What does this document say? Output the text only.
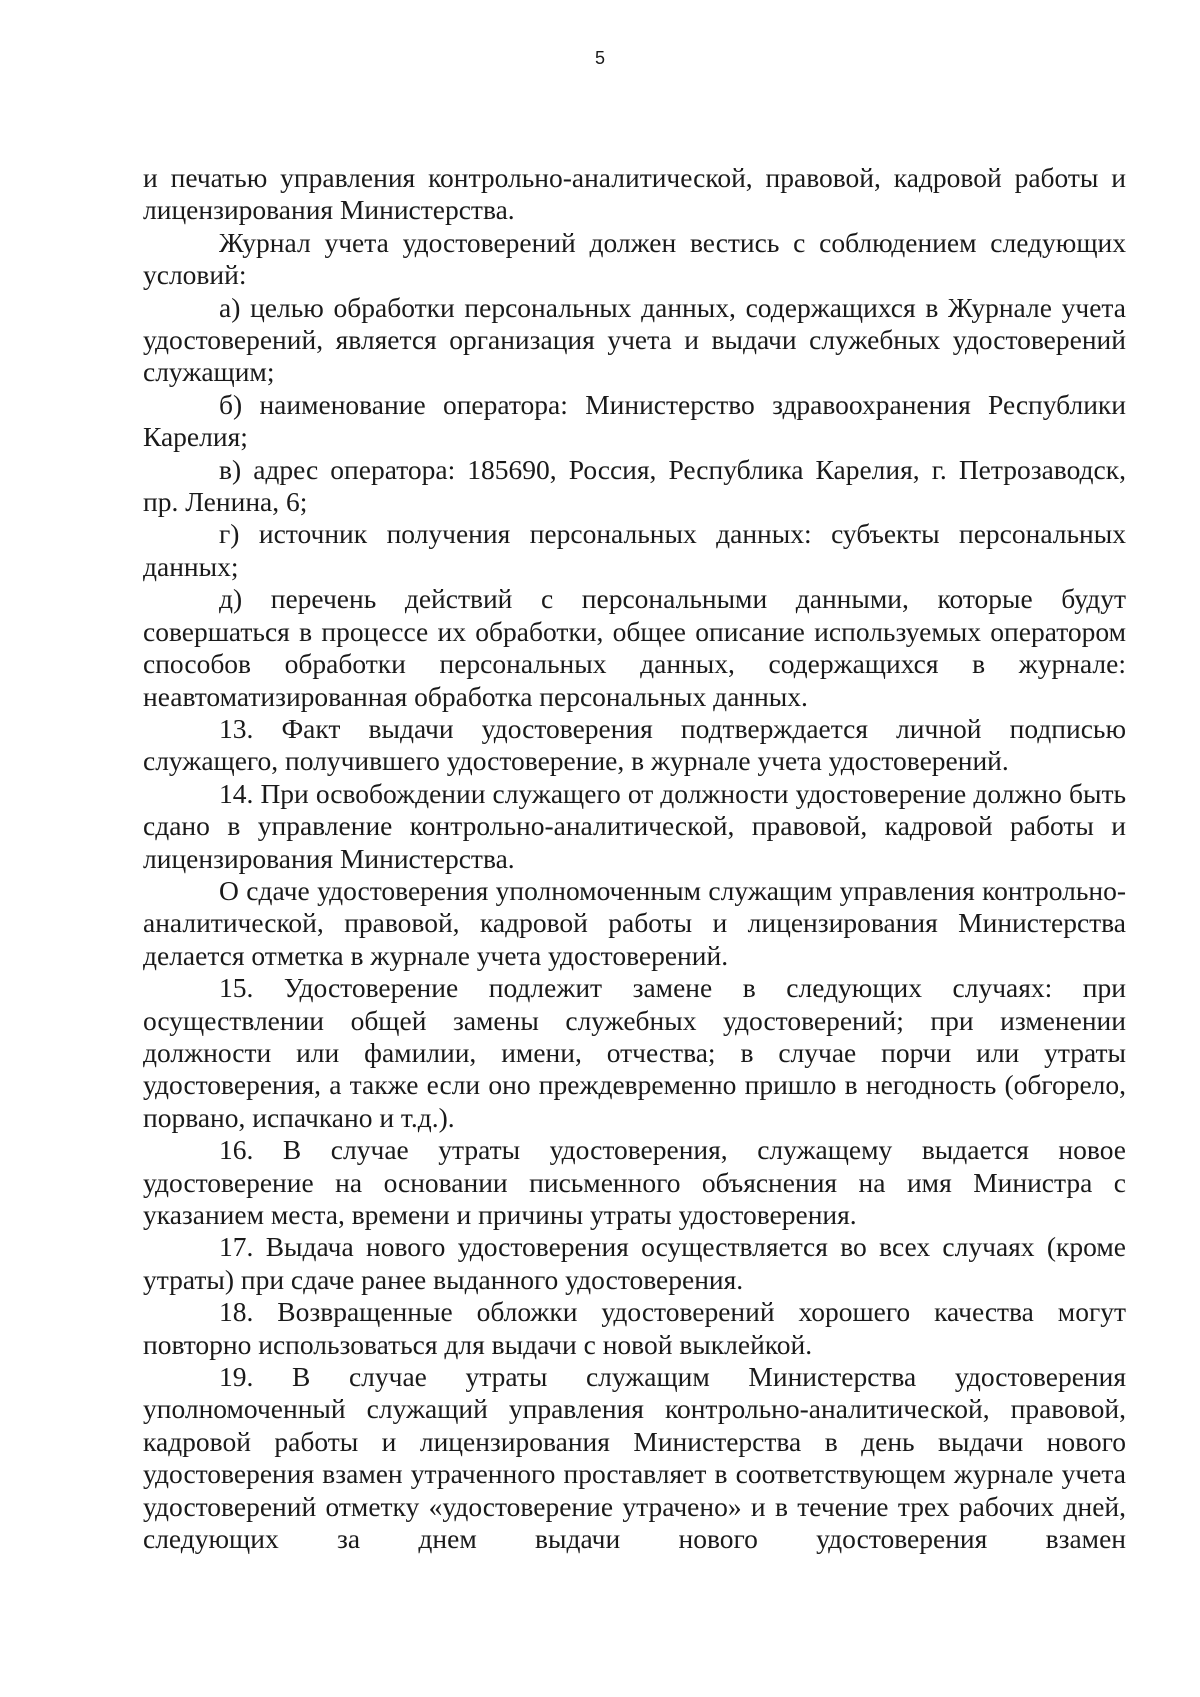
5

и печатью управления контрольно-аналитической, правовой, кадровой работы и лицензирования Министерства.

Журнал учета удостоверений должен вестись с соблюдением следующих условий:

а) целью обработки персональных данных, содержащихся в Журнале учета удостоверений, является организация учета и выдачи служебных удостоверений служащим;

б) наименование оператора: Министерство здравоохранения Республики Карелия;

в) адрес оператора: 185690, Россия, Республика Карелия, г. Петрозаводск, пр. Ленина, 6;

г) источник получения персональных данных: субъекты персональных данных;

д) перечень действий с персональными данными, которые будут совершаться в процессе их обработки, общее описание используемых оператором способов обработки персональных данных, содержащихся в журнале: неавтоматизированная обработка персональных данных.

13. Факт выдачи удостоверения подтверждается личной подписью служащего, получившего удостоверение, в журнале учета удостоверений.

14. При освобождении служащего от должности удостоверение должно быть сдано в управление контрольно-аналитической, правовой, кадровой работы и лицензирования Министерства.

О сдаче удостоверения уполномоченным служащим управления контрольно-аналитической, правовой, кадровой работы и лицензирования Министерства делается отметка в журнале учета удостоверений.

15. Удостоверение подлежит замене в следующих случаях: при осуществлении общей замены служебных удостоверений; при изменении должности или фамилии, имени, отчества; в случае порчи или утраты удостоверения, а также если оно преждевременно пришло в негодность (обгорело, порвано, испачкано и т.д.).

16. В случае утраты удостоверения, служащему выдается новое удостоверение на основании письменного объяснения на имя Министра с указанием места, времени и причины утраты удостоверения.

17. Выдача нового удостоверения осуществляется во всех случаях (кроме утраты) при сдаче ранее выданного удостоверения.

18. Возвращенные обложки удостоверений хорошего качества могут повторно использоваться для выдачи с новой выклейкой.

19. В случае утраты служащим Министерства удостоверения уполномоченный служащий управления контрольно-аналитической, правовой, кадровой работы и лицензирования Министерства в день выдачи нового удостоверения взамен утраченного проставляет в соответствующем журнале учета удостоверений отметку «удостоверение утрачено» и в течение трех рабочих дней, следующих за днем выдачи нового удостоверения взамен
